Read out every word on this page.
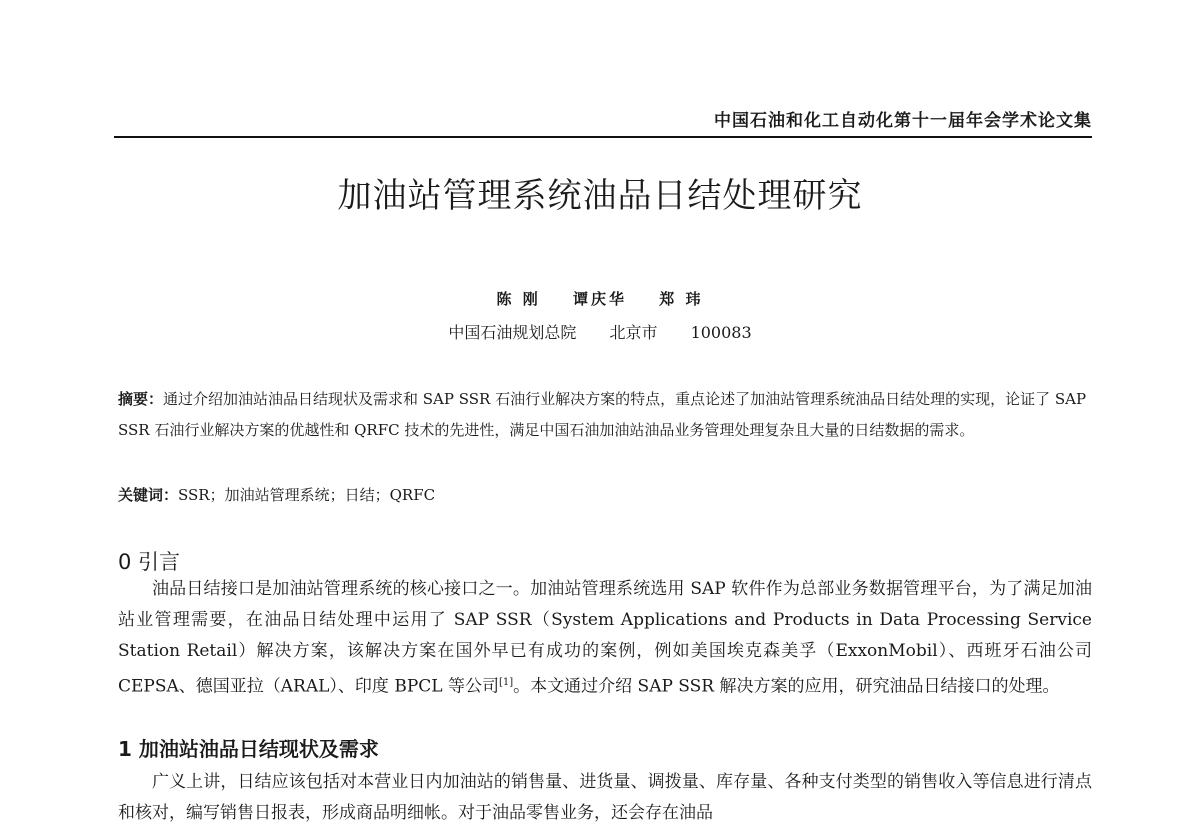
中国石油和化工自动化第十一届年会学术论文集
加油站管理系统油品日结处理研究
陈 刚 谭庆华 郑 玮
中国石油规划总院 北京市 100083
摘要：通过介绍加油站油品日结现状及需求和 SAP SSR 石油行业解决方案的特点，重点论述了加油站管理系统油品日结处理的实现，论证了 SAP SSR 石油行业解决方案的优越性和 QRFC 技术的先进性，满足中国石油加油站油品业务管理处理复杂且大量的日结数据的需求。
关键词：SSR；加油站管理系统；日结；QRFC
0 引言
油品日结接口是加油站管理系统的核心接口之一。加油站管理系统选用 SAP 软件作为总部业务数据管理平台，为了满足加油站业管理需要，在油品日结处理中运用了 SAP SSR（System Applications and Products in Data Processing Service Station Retail）解决方案，该解决方案在国外早已有成功的案例，例如美国埃克森美孚（ExxonMobil）、西班牙石油公司 CEPSA、德国亚拉（ARAL）、印度 BPCL 等公司[1]。本文通过介绍 SAP SSR 解决方案的应用，研究油品日结接口的处理。
1 加油站油品日结现状及需求
广义上讲，日结应该包括对本营业日内加油站的销售量、进货量、调拨量、库存量、各种支付类型的销售收入等信息进行清点和核对，编写销售日报表，形成商品明细帐。对于油品零售业务，还会存在油品
